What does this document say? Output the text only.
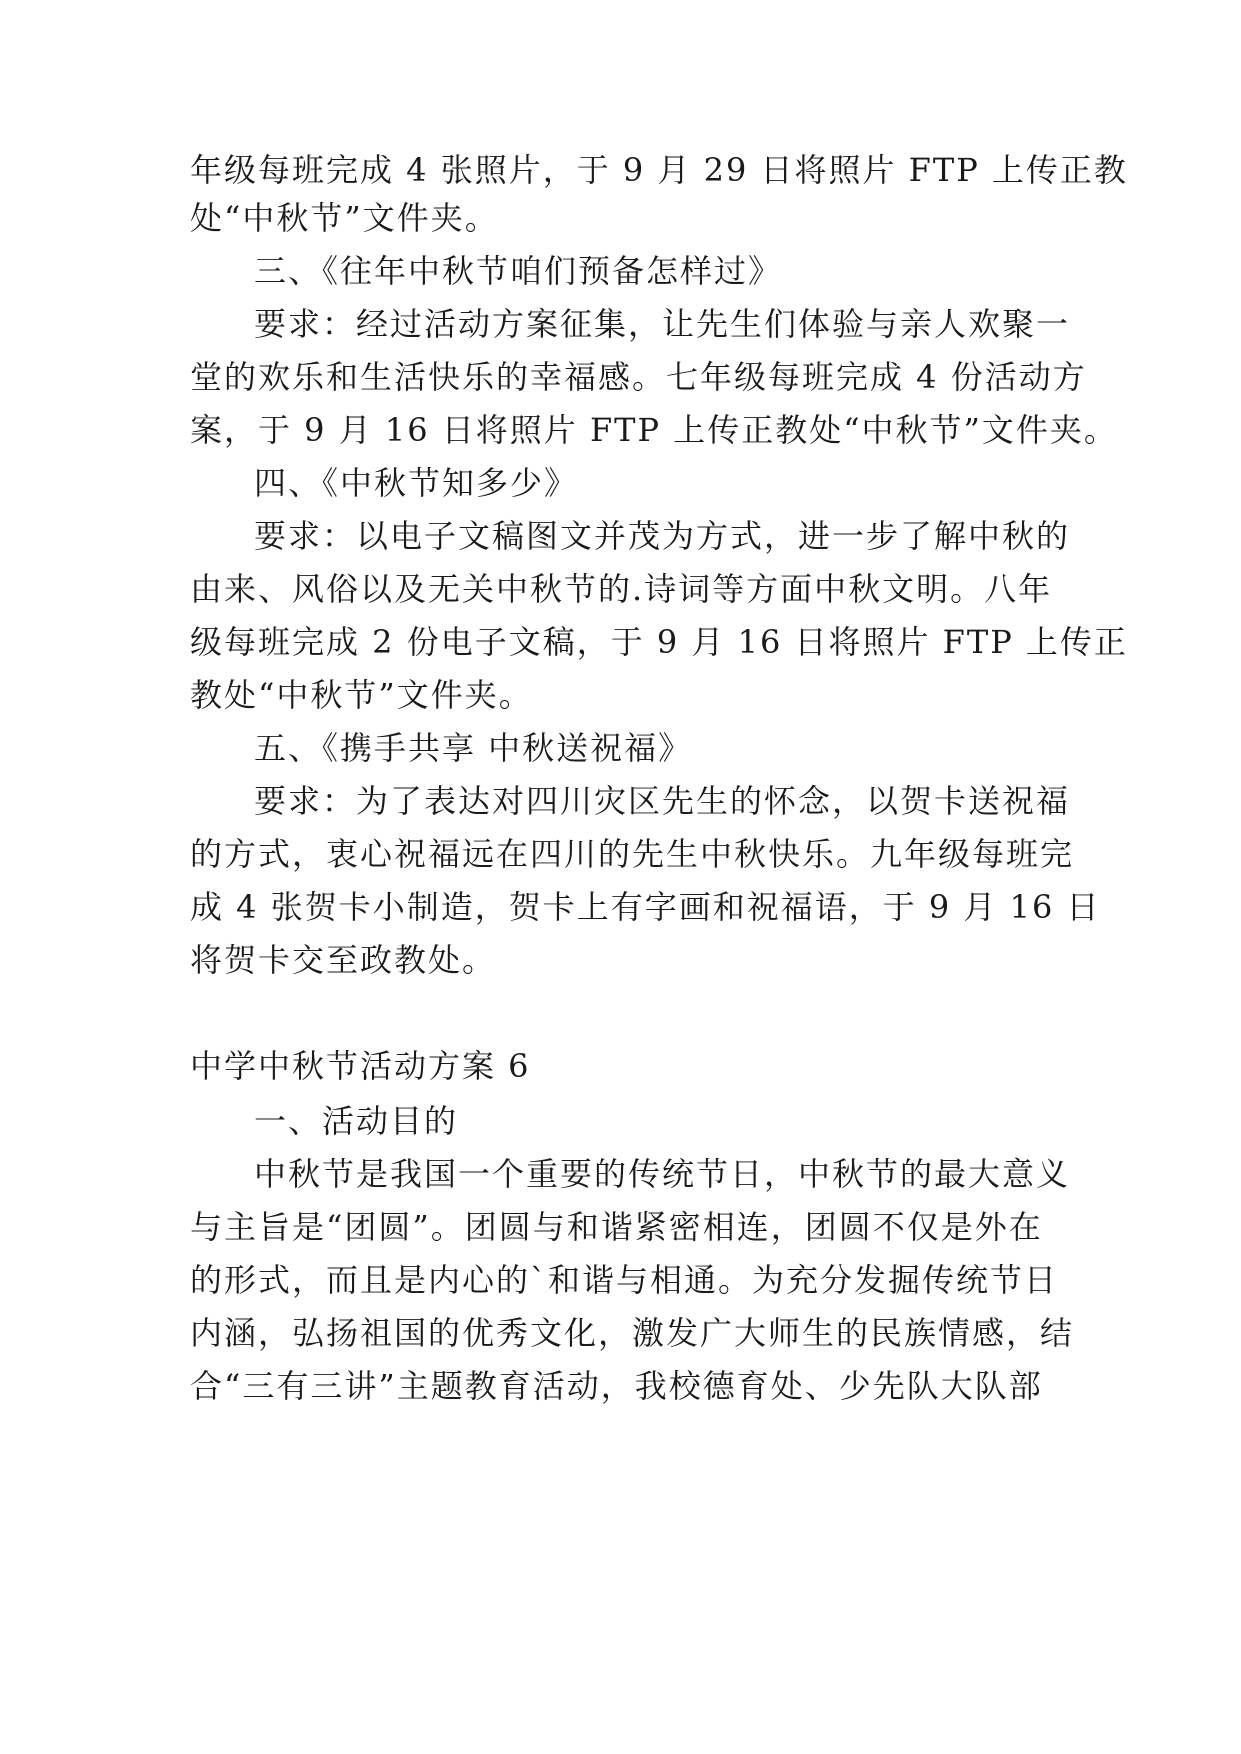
年级每班完成 4 张照片，于 9 月 29 日将照片 FTP 上传正教
处“中秋节”文件夹。
三、《往年中秋节咱们预备怎样过》
要求：经过活动方案征集，让先生们体验与亲人欢聚一
堂的欢乐和生活快乐的幸福感。七年级每班完成 4 份活动方
案，于 9 月 16 日将照片 FTP 上传正教处“中秋节”文件夹。
四、《中秋节知多少》
要求：以电子文稿图文并茂为方式，进一步了解中秋的
由来、风俗以及无关中秋节的.诗词等方面中秋文明。八年
级每班完成 2 份电子文稿，于 9 月 16 日将照片 FTP 上传正
教处“中秋节”文件夹。
五、《携手共享 中秋送祝福》
要求：为了表达对四川灾区先生的怀念，以贺卡送祝福
的方式，衷心祝福远在四川的先生中秋快乐。九年级每班完
成 4 张贺卡小制造，贺卡上有字画和祝福语，于 9 月 16 日
将贺卡交至政教处。
中学中秋节活动方案 6
一、活动目的
中秋节是我国一个重要的传统节日，中秋节的最大意义
与主旨是“团圆”。团圆与和谐紧密相连，团圆不仅是外在
的形式，而且是内心的`和谐与相通。为充分发掘传统节日
内涵，弘扬祖国的优秀文化，激发广大师生的民族情感，结
合“三有三讲”主题教育活动，我校德育处、少先队大队部
